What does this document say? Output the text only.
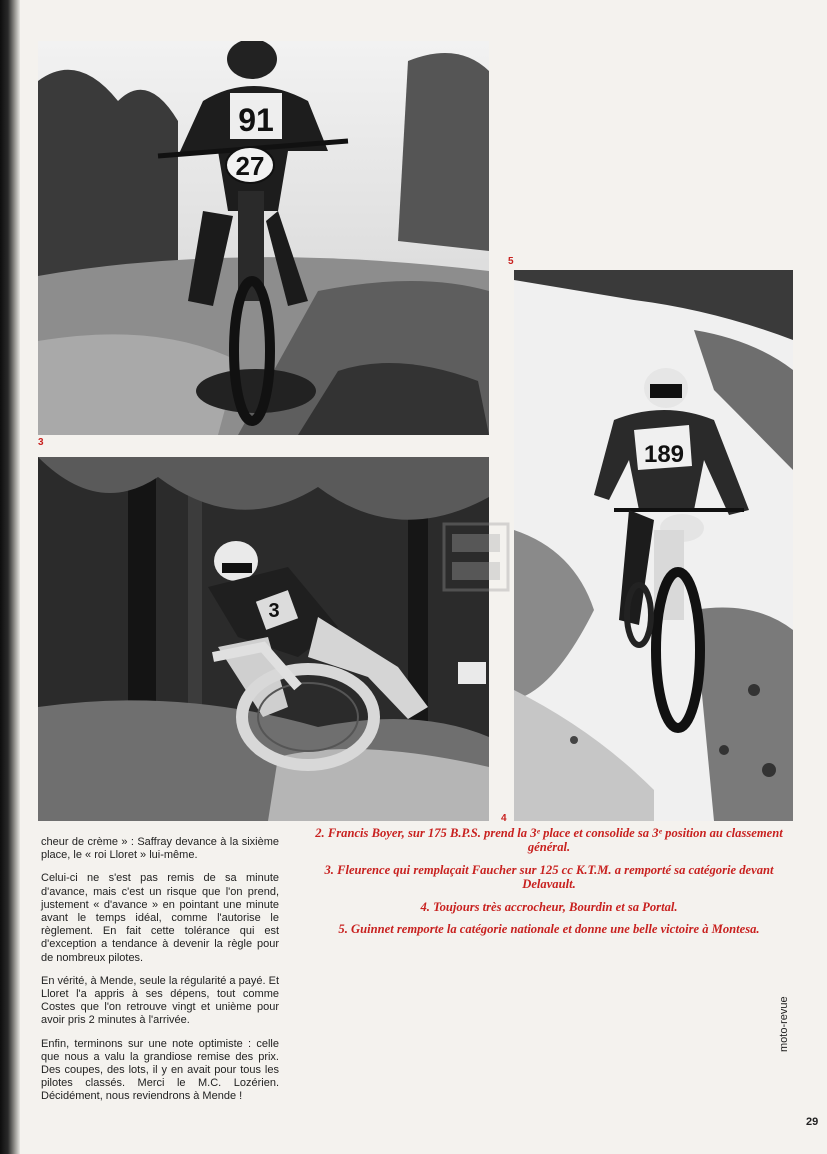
91
27
3
3
4
189
5

cheur de crème » : Saffray devance à la sixième place, le « roi Lloret » lui-même.

Celui-ci ne s'est pas remis de sa minute d'avance, mais c'est un risque que l'on prend, justement « d'avance » en pointant une minute avant le temps idéal, comme l'autorise le règlement. En fait cette tolérance qui est d'exception a tendance à devenir la règle pour de nombreux pilotes.

En vérité, à Mende, seule la régularité a payé. Et Lloret l'a appris à ses dépens, tout comme Costes que l'on retrouve vingt et unième pour avoir pris 2 minutes à l'arrivée.

Enfin, terminons sur une note optimiste : celle que nous a valu la grandiose remise des prix. Des coupes, des lots, il y en avait pour tous les pilotes classés. Merci le M.C. Lozérien. Décidément, nous reviendrons à Mende !

2. Francis Boyer, sur 175 B.P.S. prend la 3ᵉ place et consolide sa 3ᵉ position au classement général.

3. Fleurence qui remplaçait Faucher sur 125 cc K.T.M. a remporté sa catégorie devant Delavault.

4. Toujours très accrocheur, Bourdin et sa Portal.

5. Guinnet remporte la catégorie nationale et donne une belle victoire à Montesa.

moto-revue
29
